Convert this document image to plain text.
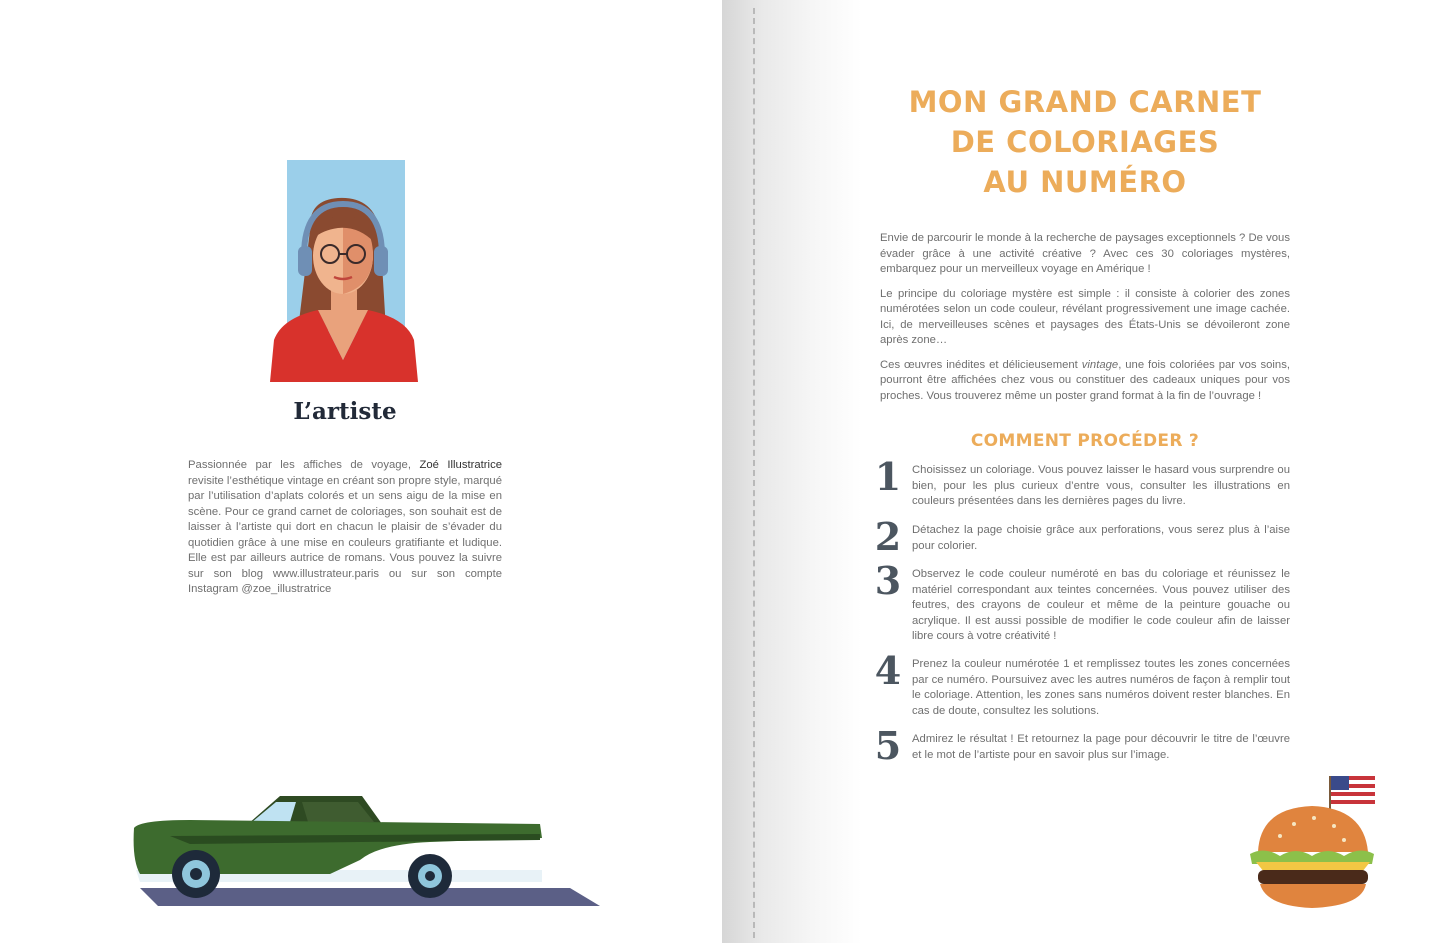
L’artiste

Passionnée par les affiches de voyage, Zoé Illustratrice revisite l’esthétique vintage en créant son propre style, marqué par l’utilisation d’aplats colorés et un sens aigu de la mise en scène. Pour ce grand carnet de coloriages, son souhait est de laisser à l’artiste qui dort en chacun le plaisir de s’évader du quotidien grâce à une mise en couleurs gratifiante et ludique. Elle est par ailleurs autrice de romans. Vous pouvez la suivre sur son blog www.illustrateur.paris ou sur son compte Instagram @zoe_illustratrice

MON GRAND CARNET
DE COLORIAGES
AU NUMÉRO

Envie de parcourir le monde à la recherche de paysages exceptionnels ? De vous évader grâce à une activité créative ? Avec ces 30 coloriages mystères, embarquez pour un merveilleux voyage en Amérique !

Le principe du coloriage mystère est simple : il consiste à colorier des zones numérotées selon un code couleur, révélant progressivement une image cachée. Ici, de merveilleuses scènes et paysages des États-Unis se dévoileront zone après zone…

Ces œuvres inédites et délicieusement vintage, une fois coloriées par vos soins, pourront être affichées chez vous ou constituer des cadeaux uniques pour vos proches. Vous trouverez même un poster grand format à la fin de l’ouvrage !

COMMENT PROCÉDER ?
1 Choisissez un coloriage. Vous pouvez laisser le hasard vous surprendre ou bien, pour les plus curieux d’entre vous, consulter les illustrations en couleurs présentées dans les dernières pages du livre.
2 Détachez la page choisie grâce aux perforations, vous serez plus à l’aise pour colorier.
3 Observez le code couleur numéroté en bas du coloriage et réunissez le matériel correspondant aux teintes concernées. Vous pouvez utiliser des feutres, des crayons de couleur et même de la peinture gouache ou acrylique. Il est aussi possible de modifier le code couleur afin de laisser libre cours à votre créativité !
4 Prenez la couleur numérotée 1 et remplissez toutes les zones concernées par ce numéro. Poursuivez avec les autres numéros de façon à remplir tout le coloriage. Attention, les zones sans numéros doivent rester blanches. En cas de doute, consultez les solutions.
5 Admirez le résultat ! Et retournez la page pour découvrir le titre de l’œuvre et le mot de l’artiste pour en savoir plus sur l’image.
